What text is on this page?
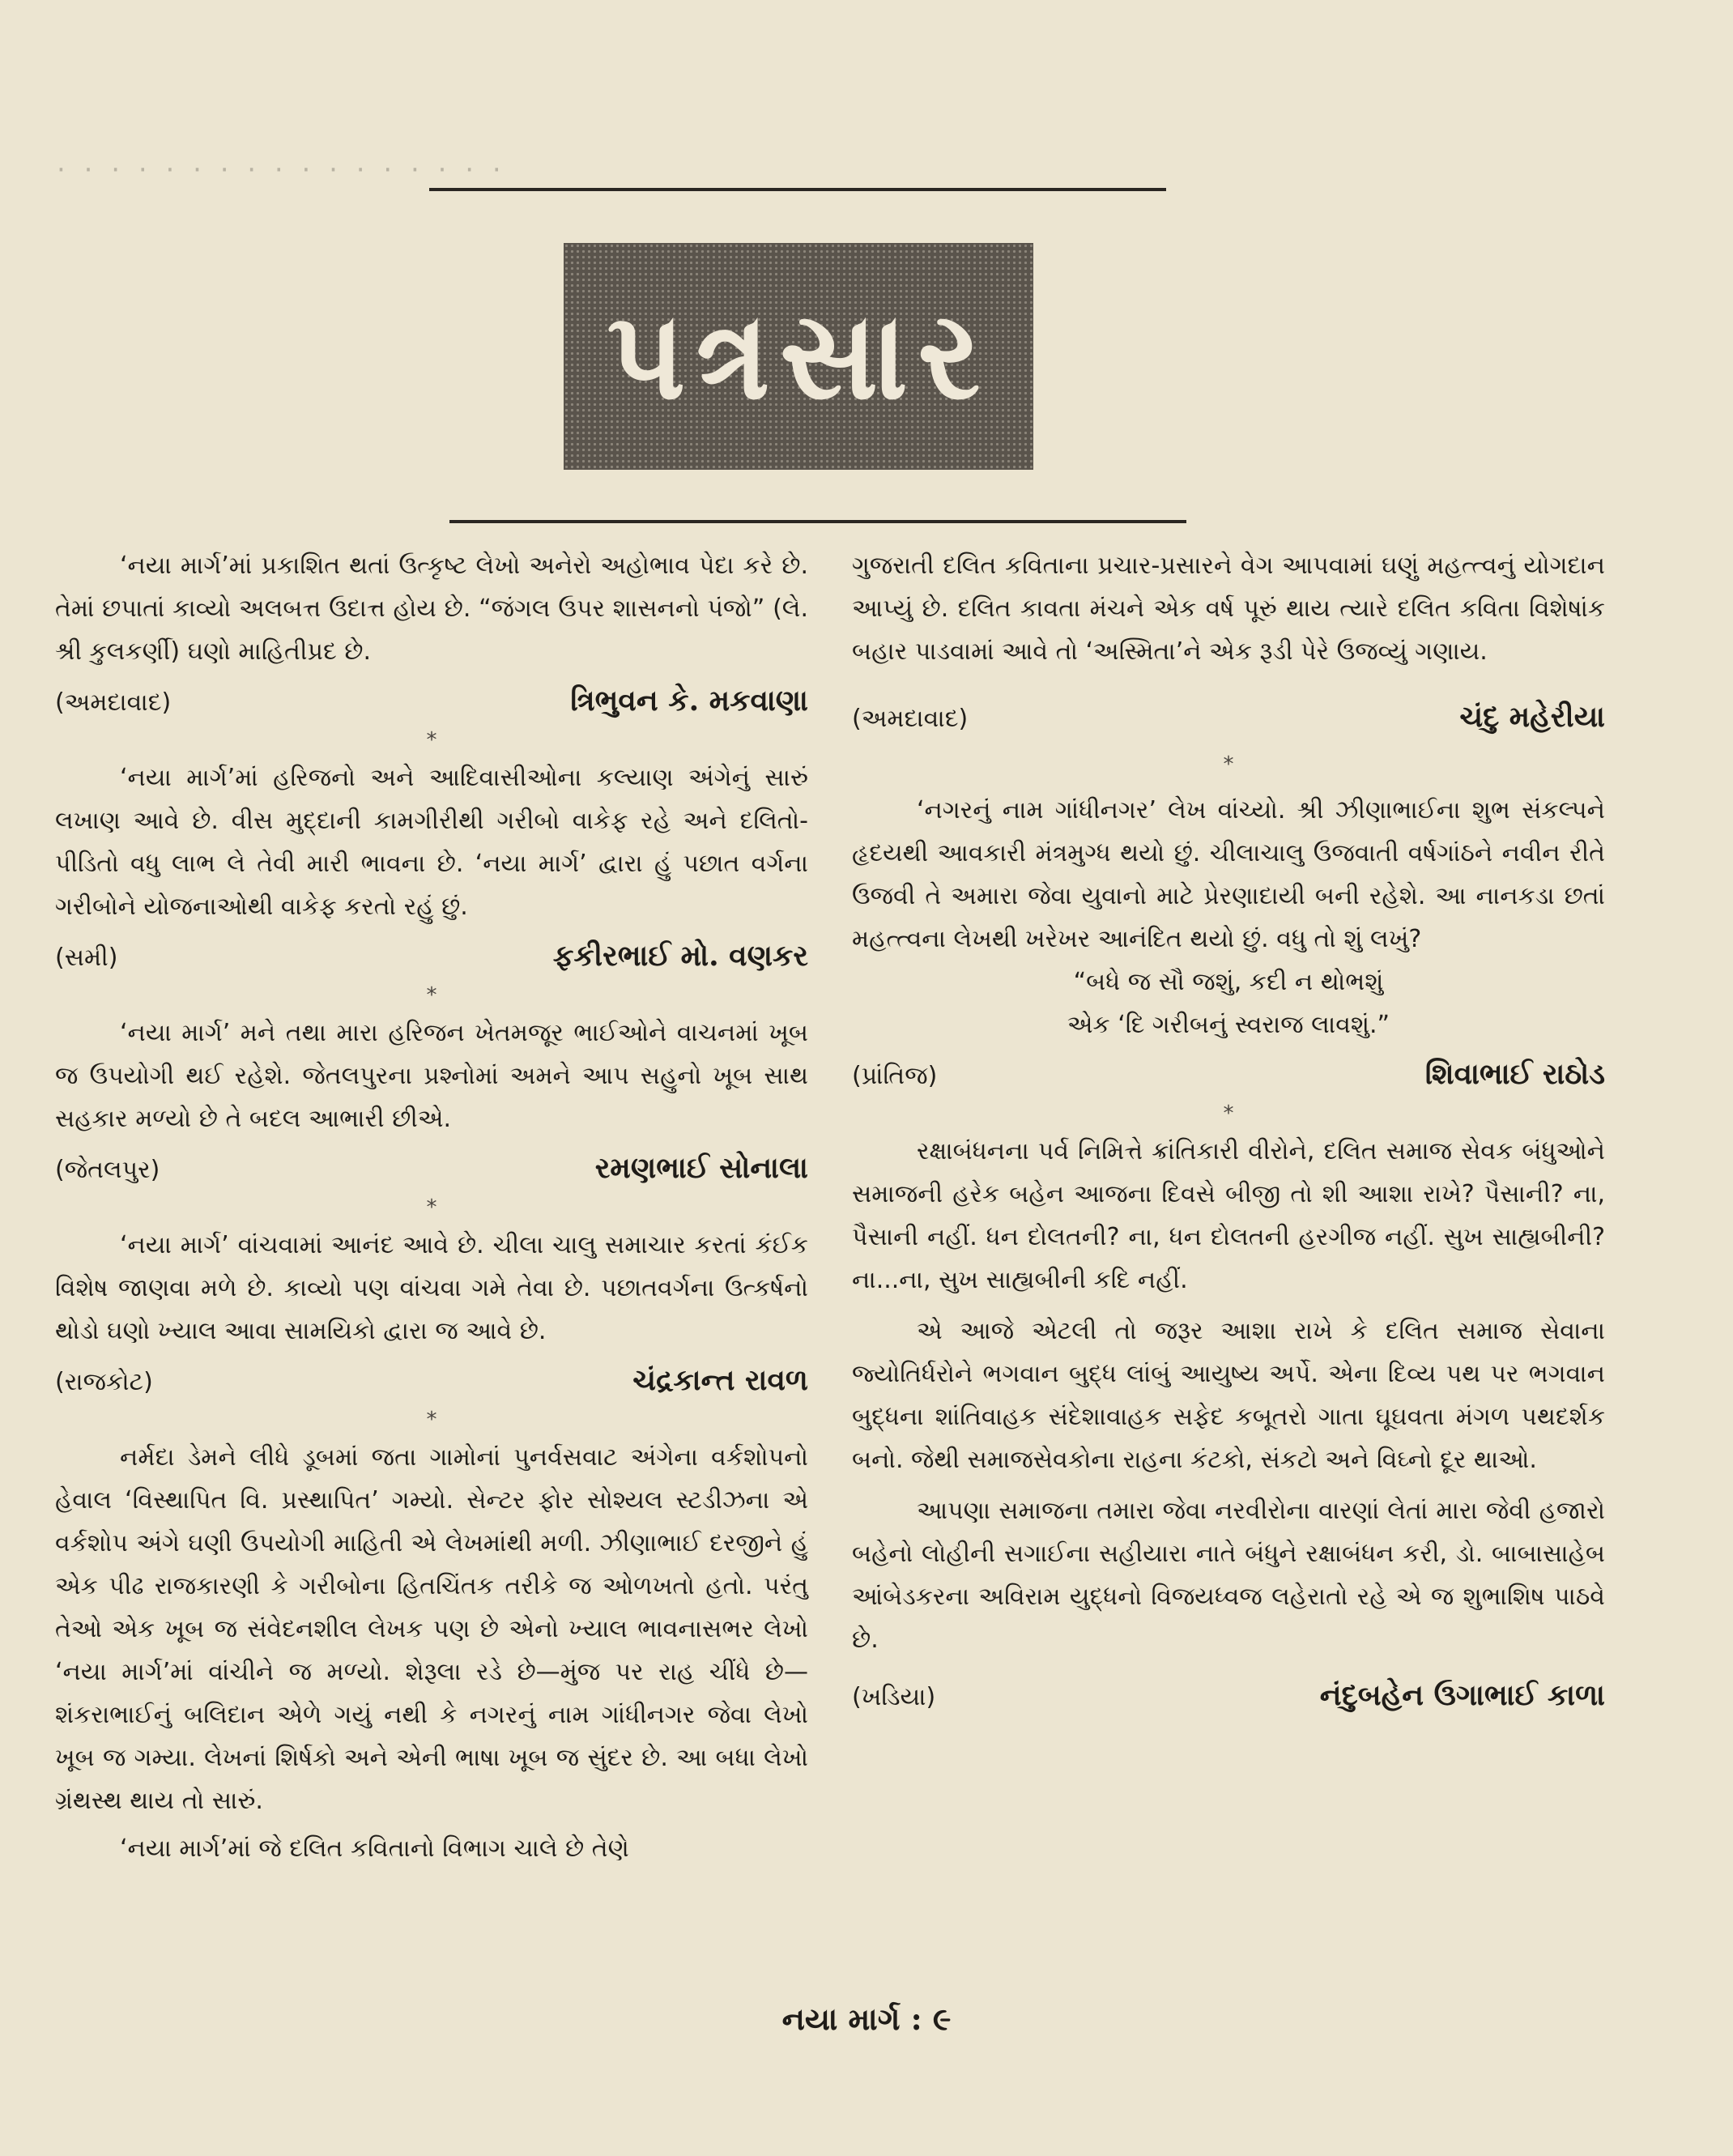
· · · · · · · · · · · · · · · · ·
પત્રસાર

‘નયા માર્ગ’માં પ્રકાશિત થતાં ઉત્કૃષ્ટ લેખો અનેરો અહોભાવ પેદા કરે છે. તેમાં છપાતાં કાવ્યો અલબત્ત ઉદાત્ત હોય છે. “જંગલ ઉપર શાસનનો પંજો” (લે. શ્રી કુલકર્ણી) ઘણો માહિતીપ્રદ છે.

(અમદાવાદ)	ત્રિભુવન કે. મકવાણા
*

‘નયા માર્ગ’માં હરિજનો અને આદિવાસીઓના કલ્યાણ અંગેનું સારું લખાણ આવે છે. વીસ મુદ્દાની કામગીરીથી ગરીબો વાકેફ રહે અને દલિતો-પીડિતો વધુ લાભ લે તેવી મારી ભાવના છે. ‘નયા માર્ગ’ દ્વારા હું પછાત વર્ગના ગરીબોને યોજનાઓથી વાકેફ કરતો રહું છું.

(સમી)	ફકીરભાઈ મો. વણકર
*

‘નયા માર્ગ’ મને તથા મારા હરિજન ખેતમજૂર ભાઈઓને વાચનમાં ખૂબ જ ઉપયોગી થઈ રહેશે. જેતલપુરના પ્રશ્નોમાં અમને આપ સહુનો ખૂબ સાથ સહકાર મળ્યો છે તે બદલ આભારી છીએ.

(જેતલપુર)	રમણભાઈ સોનાલા
*

‘નયા માર્ગ’ વાંચવામાં આનંદ આવે છે. ચીલા ચાલુ સમાચાર કરતાં કંઈક વિશેષ જાણવા મળે છે. કાવ્યો પણ વાંચવા ગમે તેવા છે. પછાતવર્ગના ઉત્કર્ષનો થોડો ઘણો ખ્યાલ આવા સામયિકો દ્વારા જ આવે છે.

(રાજકોટ)	ચંદ્રકાન્ત રાવળ
*

નર્મદા ડેમને લીધે ડૂબમાં જતા ગામોનાં પુનર્વસવાટ અંગેના વર્કશોપનો હેવાલ ‘વિસ્થાપિત વિ. પ્રસ્થાપિત’ ગમ્યો. સેન્ટર ફોર સોશ્યલ સ્ટડીઝના એ વર્કશોપ અંગે ઘણી ઉપયોગી માહિતી એ લેખમાંથી મળી. ઝીણાભાઈ દરજીને હું એક પીઢ રાજકારણી કે ગરીબોના હિતચિંતક તરીકે જ ઓળખતો હતો. પરંતુ તેઓ એક ખૂબ જ સંવેદનશીલ લેખક પણ છે એનો ખ્યાલ ભાવનાસભર લેખો ‘નયા માર્ગ’માં વાંચીને જ મળ્યો. શેરૂલા રડે છે—મુંજ પર રાહ ચીંધે છે—શંકરાભાઈનું બલિદાન એળે ગયું નથી કે નગરનું નામ ગાંધીનગર જેવા લેખો ખૂબ જ ગમ્યા. લેખનાં શિર્ષકો અને એની ભાષા ખૂબ જ સુંદર છે. આ બધા લેખો ગ્રંથસ્થ થાય તો સારું.

‘નયા માર્ગ’માં જે દલિત કવિતાનો વિભાગ ચાલે છે તેણે

ગુજરાતી દલિત કવિતાના પ્રચાર-પ્રસારને વેગ આપવામાં ઘણું મહત્ત્વનું યોગદાન આપ્યું છે. દલિત કાવતા મંચને એક વર્ષ પૂરું થાય ત્યારે દલિત કવિતા વિશેષાંક બહાર પાડવામાં આવે તો ‘અસ્મિતા’ને એક રૂડી પેરે ઉજવ્યું ગણાય.

(અમદાવાદ)	ચંદુ મહેરીયા
*

‘નગરનું નામ ગાંધીનગર’ લેખ વાંચ્યો. શ્રી ઝીણાભાઈના શુભ સંકલ્પને હૃદયથી આવકારી મંત્રમુગ્ધ થયો છું. ચીલાચાલુ ઉજવાતી વર્ષગાંઠને નવીન રીતે ઉજવી તે અમારા જેવા યુવાનો માટે પ્રેરણાદાયી બની રહેશે. આ નાનકડા છતાં મહત્ત્વના લેખથી ખરેખર આનંદિત થયો છું. વધુ તો શું લખું?

“બધે જ સૌ જશું, કદી ન થોભશું

એક ‘દિ ગરીબનું સ્વરાજ લાવશું.”

(પ્રાંતિજ)	શિવાભાઈ રાઠોડ
*

રક્ષાબંધનના પર્વ નિમિત્તે ક્રાંતિકારી વીરોને, દલિત સમાજ સેવક બંધુઓને સમાજની હરેક બહેન આજના દિવસે બીજી તો શી આશા રાખે? પૈસાની? ના, પૈસાની નહીં. ધન દોલતની? ના, ધન દોલતની હરગીજ નહીં. સુખ સાહ્યબીની? ના...ના, સુખ સાહ્યબીની કદિ નહીં.

એ આજે એટલી તો જરૂર આશા રાખે કે દલિત સમાજ સેવાના જ્યોતિર્ધરોને ભગવાન બુદ્ધ લાંબું આયુષ્ય અર્પે. એના દિવ્ય પથ પર ભગવાન બુદ્ધના શાંતિવાહક સંદેશાવાહક સફેદ કબૂતરો ગાતા ઘૂઘવતા મંગળ પથદર્શક બનો. જેથી સમાજસેવકોના રાહના કંટકો, સંકટો અને વિઘ્નો દૂર થાઓ.

આપણા સમાજના તમારા જેવા નરવીરોના વારણાં લેતાં મારા જેવી હજારો બહેનો લોહીની સગાઈના સહીયારા નાતે બંધુને રક્ષાબંધન કરી, ડો. બાબાસાહેબ આંબેડકરના અવિરામ યુદ્ધનો વિજયધ્વજ લહેરાતો રહે એ જ શુભાશિષ પાઠવે છે.

(ખડિયા)	નંદુબહેન ઉગાભાઈ કાળા
નયા માર્ગ : ૯
